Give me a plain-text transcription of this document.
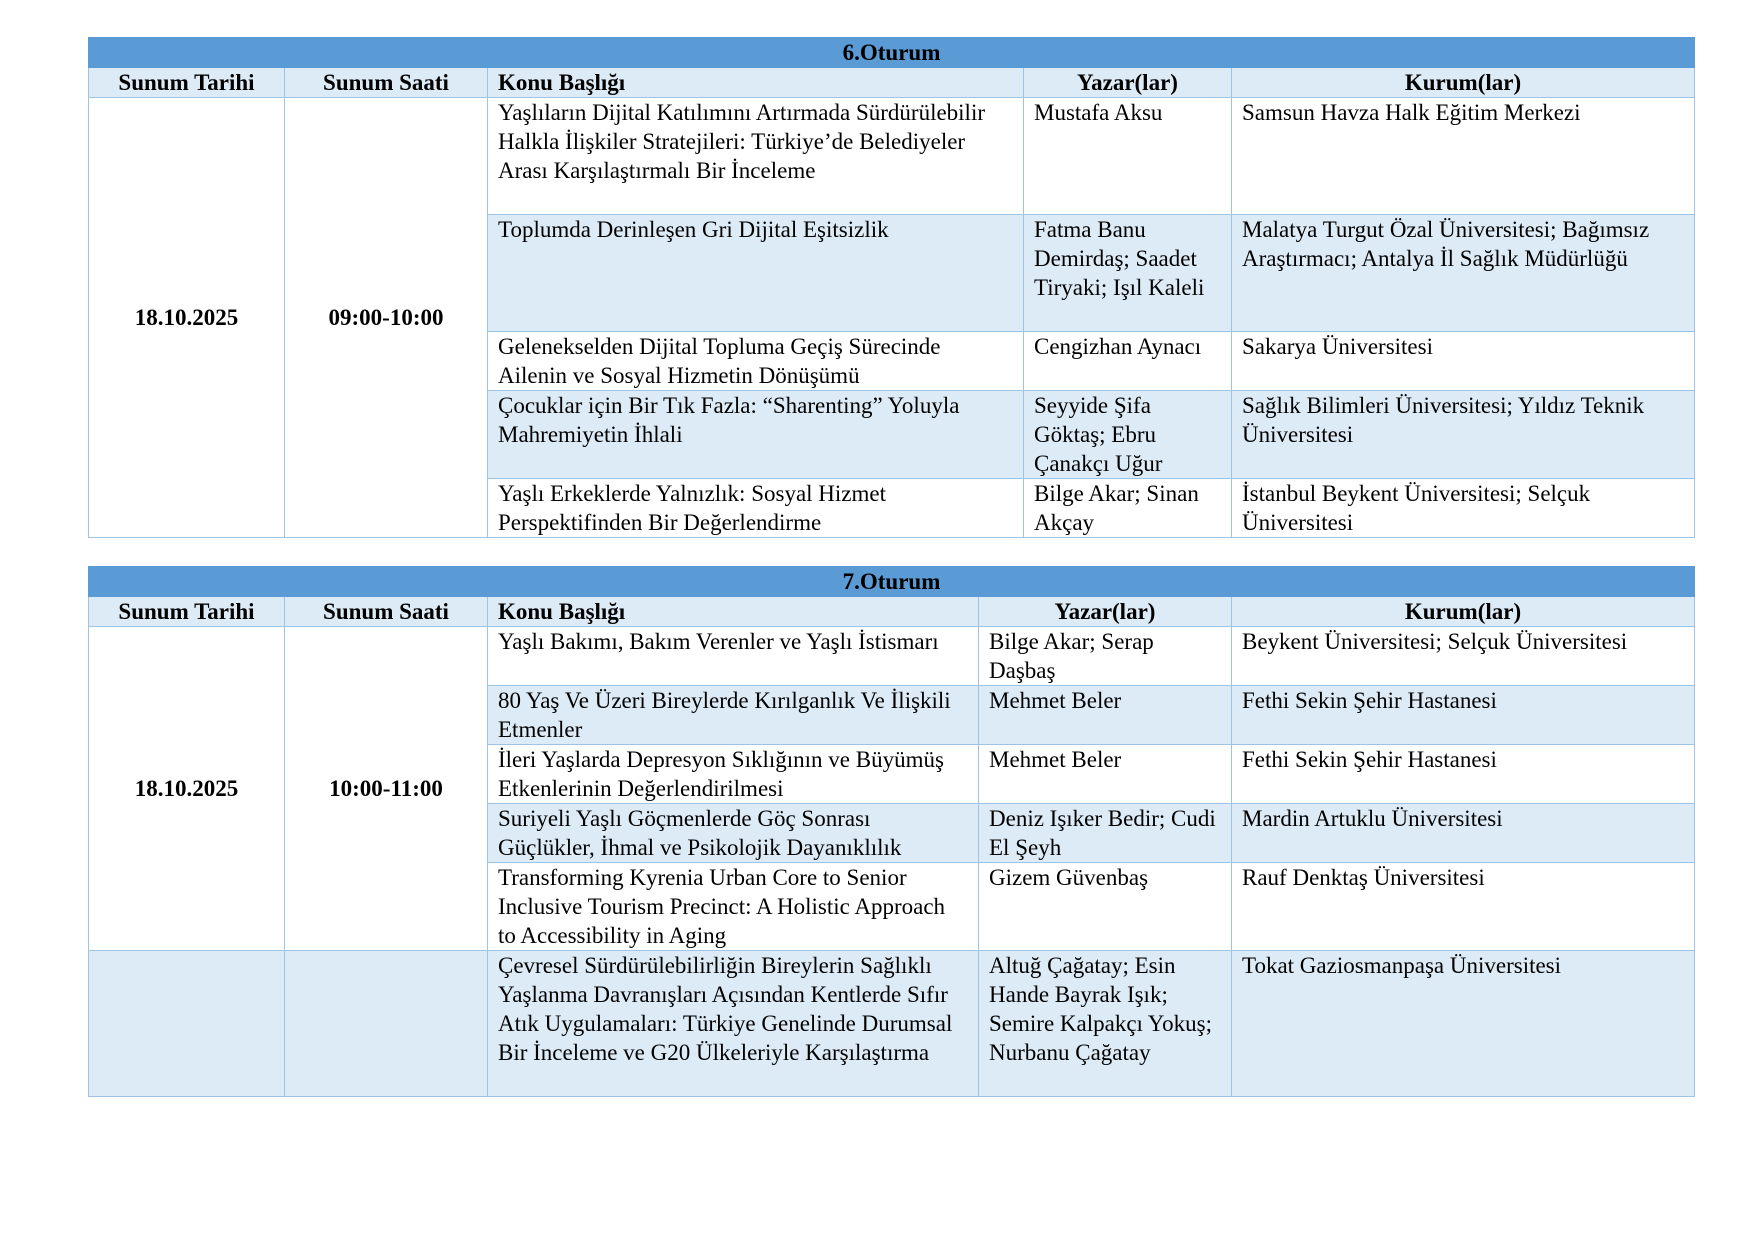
6.Oturum				
Sunum Tarihi	Sunum Saati	Konu Başlığı	Yazar(lar)	Kurum(lar)
18.10.2025	09:00-10:00	Yaşlıların Dijital Katılımını Artırmada Sürdürülebilir Halkla İlişkiler Stratejileri: Türkiye’de Belediyeler Arası Karşılaştırmalı Bir İnceleme	Mustafa Aksu	Samsun Havza Halk Eğitim Merkezi
		Toplumda Derinleşen Gri Dijital Eşitsizlik	Fatma Banu Demirdaş; Saadet Tiryaki; Işıl Kaleli	Malatya Turgut Özal Üniversitesi; Bağımsız Araştırmacı; Antalya İl Sağlık Müdürlüğü
		Gelenekselden Dijital Topluma Geçiş Sürecinde Ailenin ve Sosyal Hizmetin Dönüşümü	Cengizhan Aynacı	Sakarya Üniversitesi
		Çocuklar için Bir Tık Fazla: “Sharenting” Yoluyla Mahremiyetin İhlali	Seyyide Şifa Göktaş; Ebru Çanakçı Uğur	Sağlık Bilimleri Üniversitesi; Yıldız Teknik Üniversitesi
		Yaşlı Erkeklerde Yalnızlık: Sosyal Hizmet Perspektifinden Bir Değerlendirme	Bilge Akar; Sinan Akçay	İstanbul Beykent Üniversitesi; Selçuk Üniversitesi
7.Oturum				
Sunum Tarihi	Sunum Saati	Konu Başlığı	Yazar(lar)	Kurum(lar)
18.10.2025	10:00-11:00	Yaşlı Bakımı, Bakım Verenler ve Yaşlı İstismarı	Bilge Akar; Serap Daşbaş	Beykent Üniversitesi; Selçuk Üniversitesi
		80 Yaş Ve Üzeri Bireylerde Kırılganlık Ve İlişkili Etmenler	Mehmet Beler	Fethi Sekin Şehir Hastanesi
		İleri Yaşlarda Depresyon Sıklığının ve Büyümüş Etkenlerinin Değerlendirilmesi	Mehmet Beler	Fethi Sekin Şehir Hastanesi
		Suriyeli Yaşlı Göçmenlerde Göç Sonrası Güçlükler, İhmal ve Psikolojik Dayanıklılık	Deniz Işıker Bedir; Cudi El Şeyh	Mardin Artuklu Üniversitesi
		Transforming Kyrenia Urban Core to Senior Inclusive Tourism Precinct: A Holistic Approach to Accessibility in Aging	Gizem Güvenbaş	Rauf Denktaş Üniversitesi
		Çevresel Sürdürülebilirliğin Bireylerin Sağlıklı Yaşlanma Davranışları Açısından Kentlerde Sıfır Atık Uygulamaları: Türkiye Genelinde Durumsal Bir İnceleme ve G20 Ülkeleriyle Karşılaştırma	Altuğ Çağatay; Esin Hande Bayrak Işık; Semire Kalpakçı Yokuş; Nurbanu Çağatay	Tokat Gaziosmanpaşa Üniversitesi
